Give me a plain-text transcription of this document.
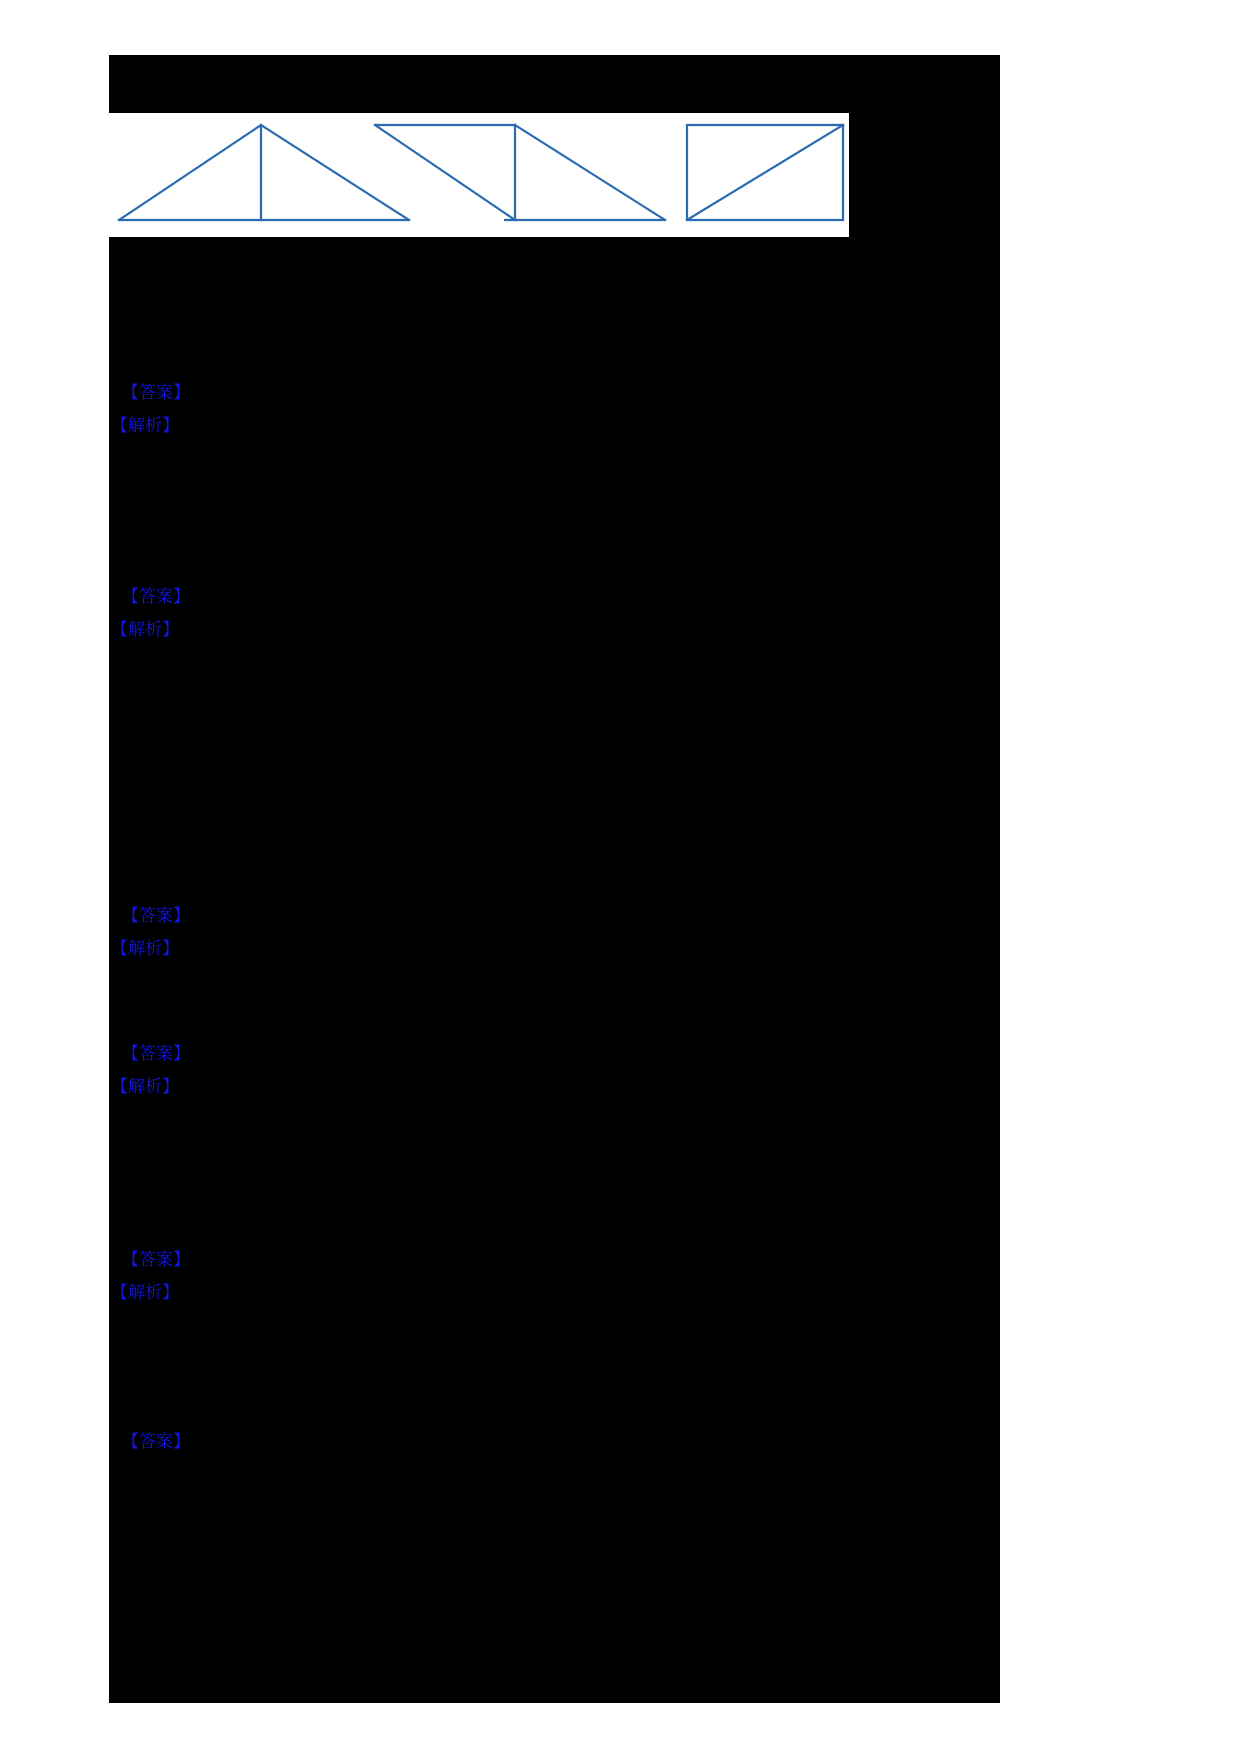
【答案】
【解析】
【答案】
【解析】
【答案】
【解析】
【答案】
【解析】
【答案】
【解析】
【答案】
